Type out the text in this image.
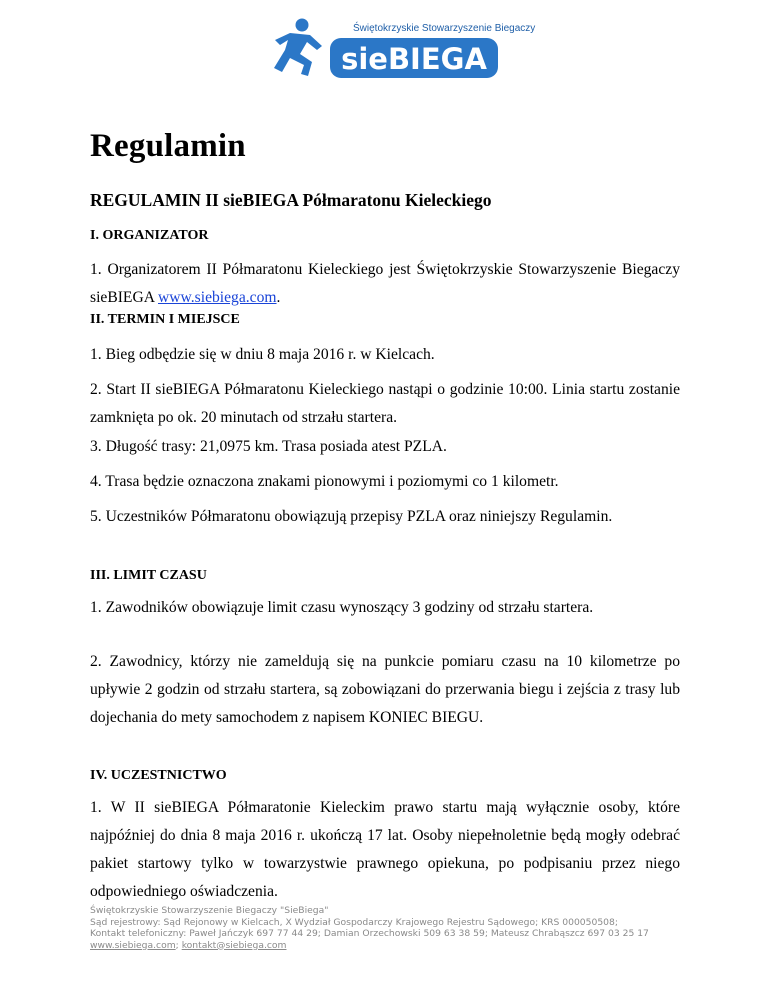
Świętokrzyskie Stowarzyszenie Biegaczy
sieBIEGA
Regulamin

REGULAMIN II sieBIEGA Półmaratonu Kieleckiego

I. ORGANIZATOR

1. Organizatorem II Półmaratonu Kieleckiego jest Świętokrzyskie Stowarzyszenie Biegaczy sieBIEGA www.siebiega.com.

II. TERMIN I MIEJSCE

1. Bieg odbędzie się w dniu 8 maja 2016 r. w Kielcach.

2. Start II sieBIEGA Półmaratonu Kieleckiego nastąpi o godzinie 10:00. Linia startu zostanie zamknięta po ok. 20 minutach od strzału startera.

3. Długość trasy: 21,0975 km. Trasa posiada atest PZLA.

4. Trasa będzie oznaczona znakami pionowymi i poziomymi co 1 kilometr.

5. Uczestników Półmaratonu obowiązują przepisy PZLA oraz niniejszy Regulamin.

III. LIMIT CZASU

1. Zawodników obowiązuje limit czasu wynoszący 3 godziny od strzału startera.

2. Zawodnicy, którzy nie zameldują się na punkcie pomiaru czasu na 10 kilometrze po upływie 2 godzin od strzału startera, są zobowiązani do przerwania biegu i zejścia z trasy lub dojechania do mety samochodem z napisem KONIEC BIEGU.

IV. UCZESTNICTWO

1. W II sieBIEGA Półmaratonie Kieleckim prawo startu mają wyłącznie osoby, które najpóźniej do dnia 8 maja 2016 r. ukończą 17 lat. Osoby niepełnoletnie będą mogły odebrać pakiet startowy tylko w towarzystwie prawnego opiekuna, po podpisaniu przez niego odpowiedniego oświadczenia.

Świętokrzyskie Stowarzyszenie Biegaczy "SieBiega"
Sąd rejestrowy: Sąd Rejonowy w Kielcach, X Wydział Gospodarczy Krajowego Rejestru Sądowego; KRS 000050508;
Kontakt telefoniczny: Paweł Jańczyk 697 77 44 29; Damian Orzechowski 509 63 38 59; Mateusz Chrabąszcz 697 03 25 17
www.siebiega.com; kontakt@siebiega.com
